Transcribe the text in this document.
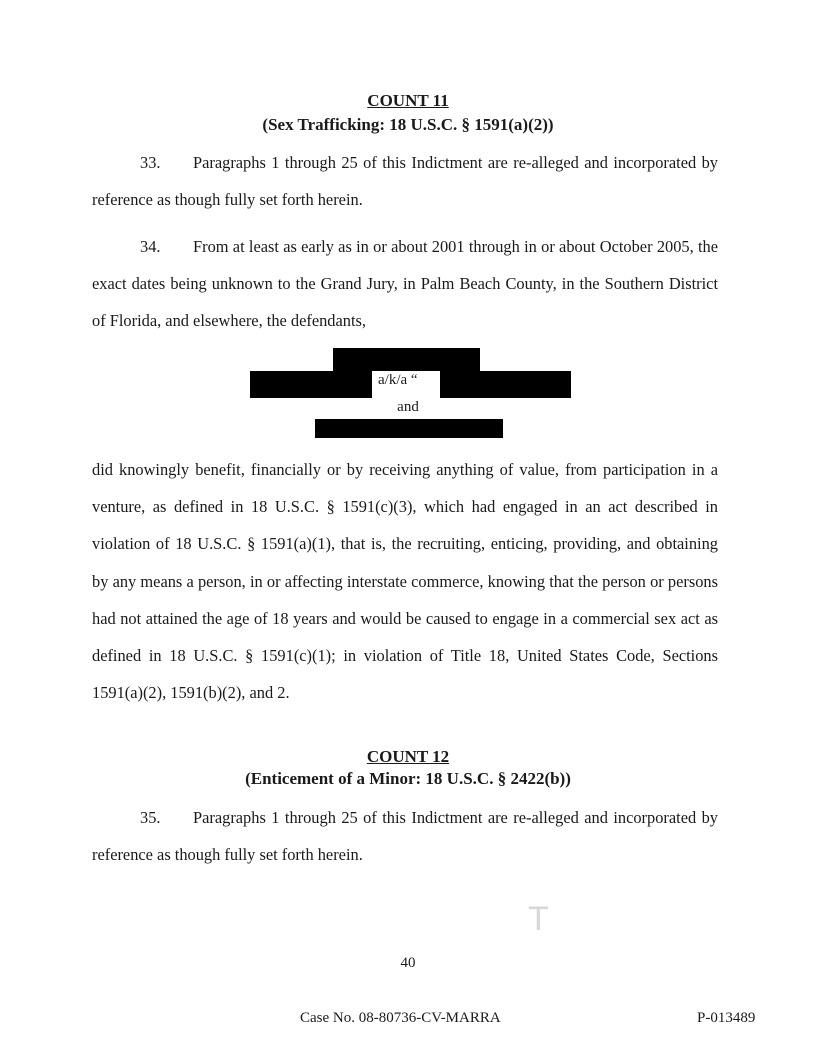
COUNT 11
(Sex Trafficking: 18 U.S.C. § 1591(a)(2))
33. Paragraphs 1 through 25 of this Indictment are re-alleged and incorporated by reference as though fully set forth herein.
34. From at least as early as in or about 2001 through in or about October 2005, the exact dates being unknown to the Grand Jury, in Palm Beach County, in the Southern District of Florida, and elsewhere, the defendants,
a/k/a “
and
did knowingly benefit, financially or by receiving anything of value, from participation in a venture, as defined in 18 U.S.C. § 1591(c)(3), which had engaged in an act described in violation of 18 U.S.C. § 1591(a)(1), that is, the recruiting, enticing, providing, and obtaining by any means a person, in or affecting interstate commerce, knowing that the person or persons had not attained the age of 18 years and would be caused to engage in a commercial sex act as defined in 18 U.S.C. § 1591(c)(1); in violation of Title 18, United States Code, Sections 1591(a)(2), 1591(b)(2), and 2.
COUNT 12
(Enticement of a Minor: 18 U.S.C. § 2422(b))
35. Paragraphs 1 through 25 of this Indictment are re-alleged and incorporated by reference as though fully set forth herein.
T
40
Case No. 08-80736-CV-MARRA	P-013489
